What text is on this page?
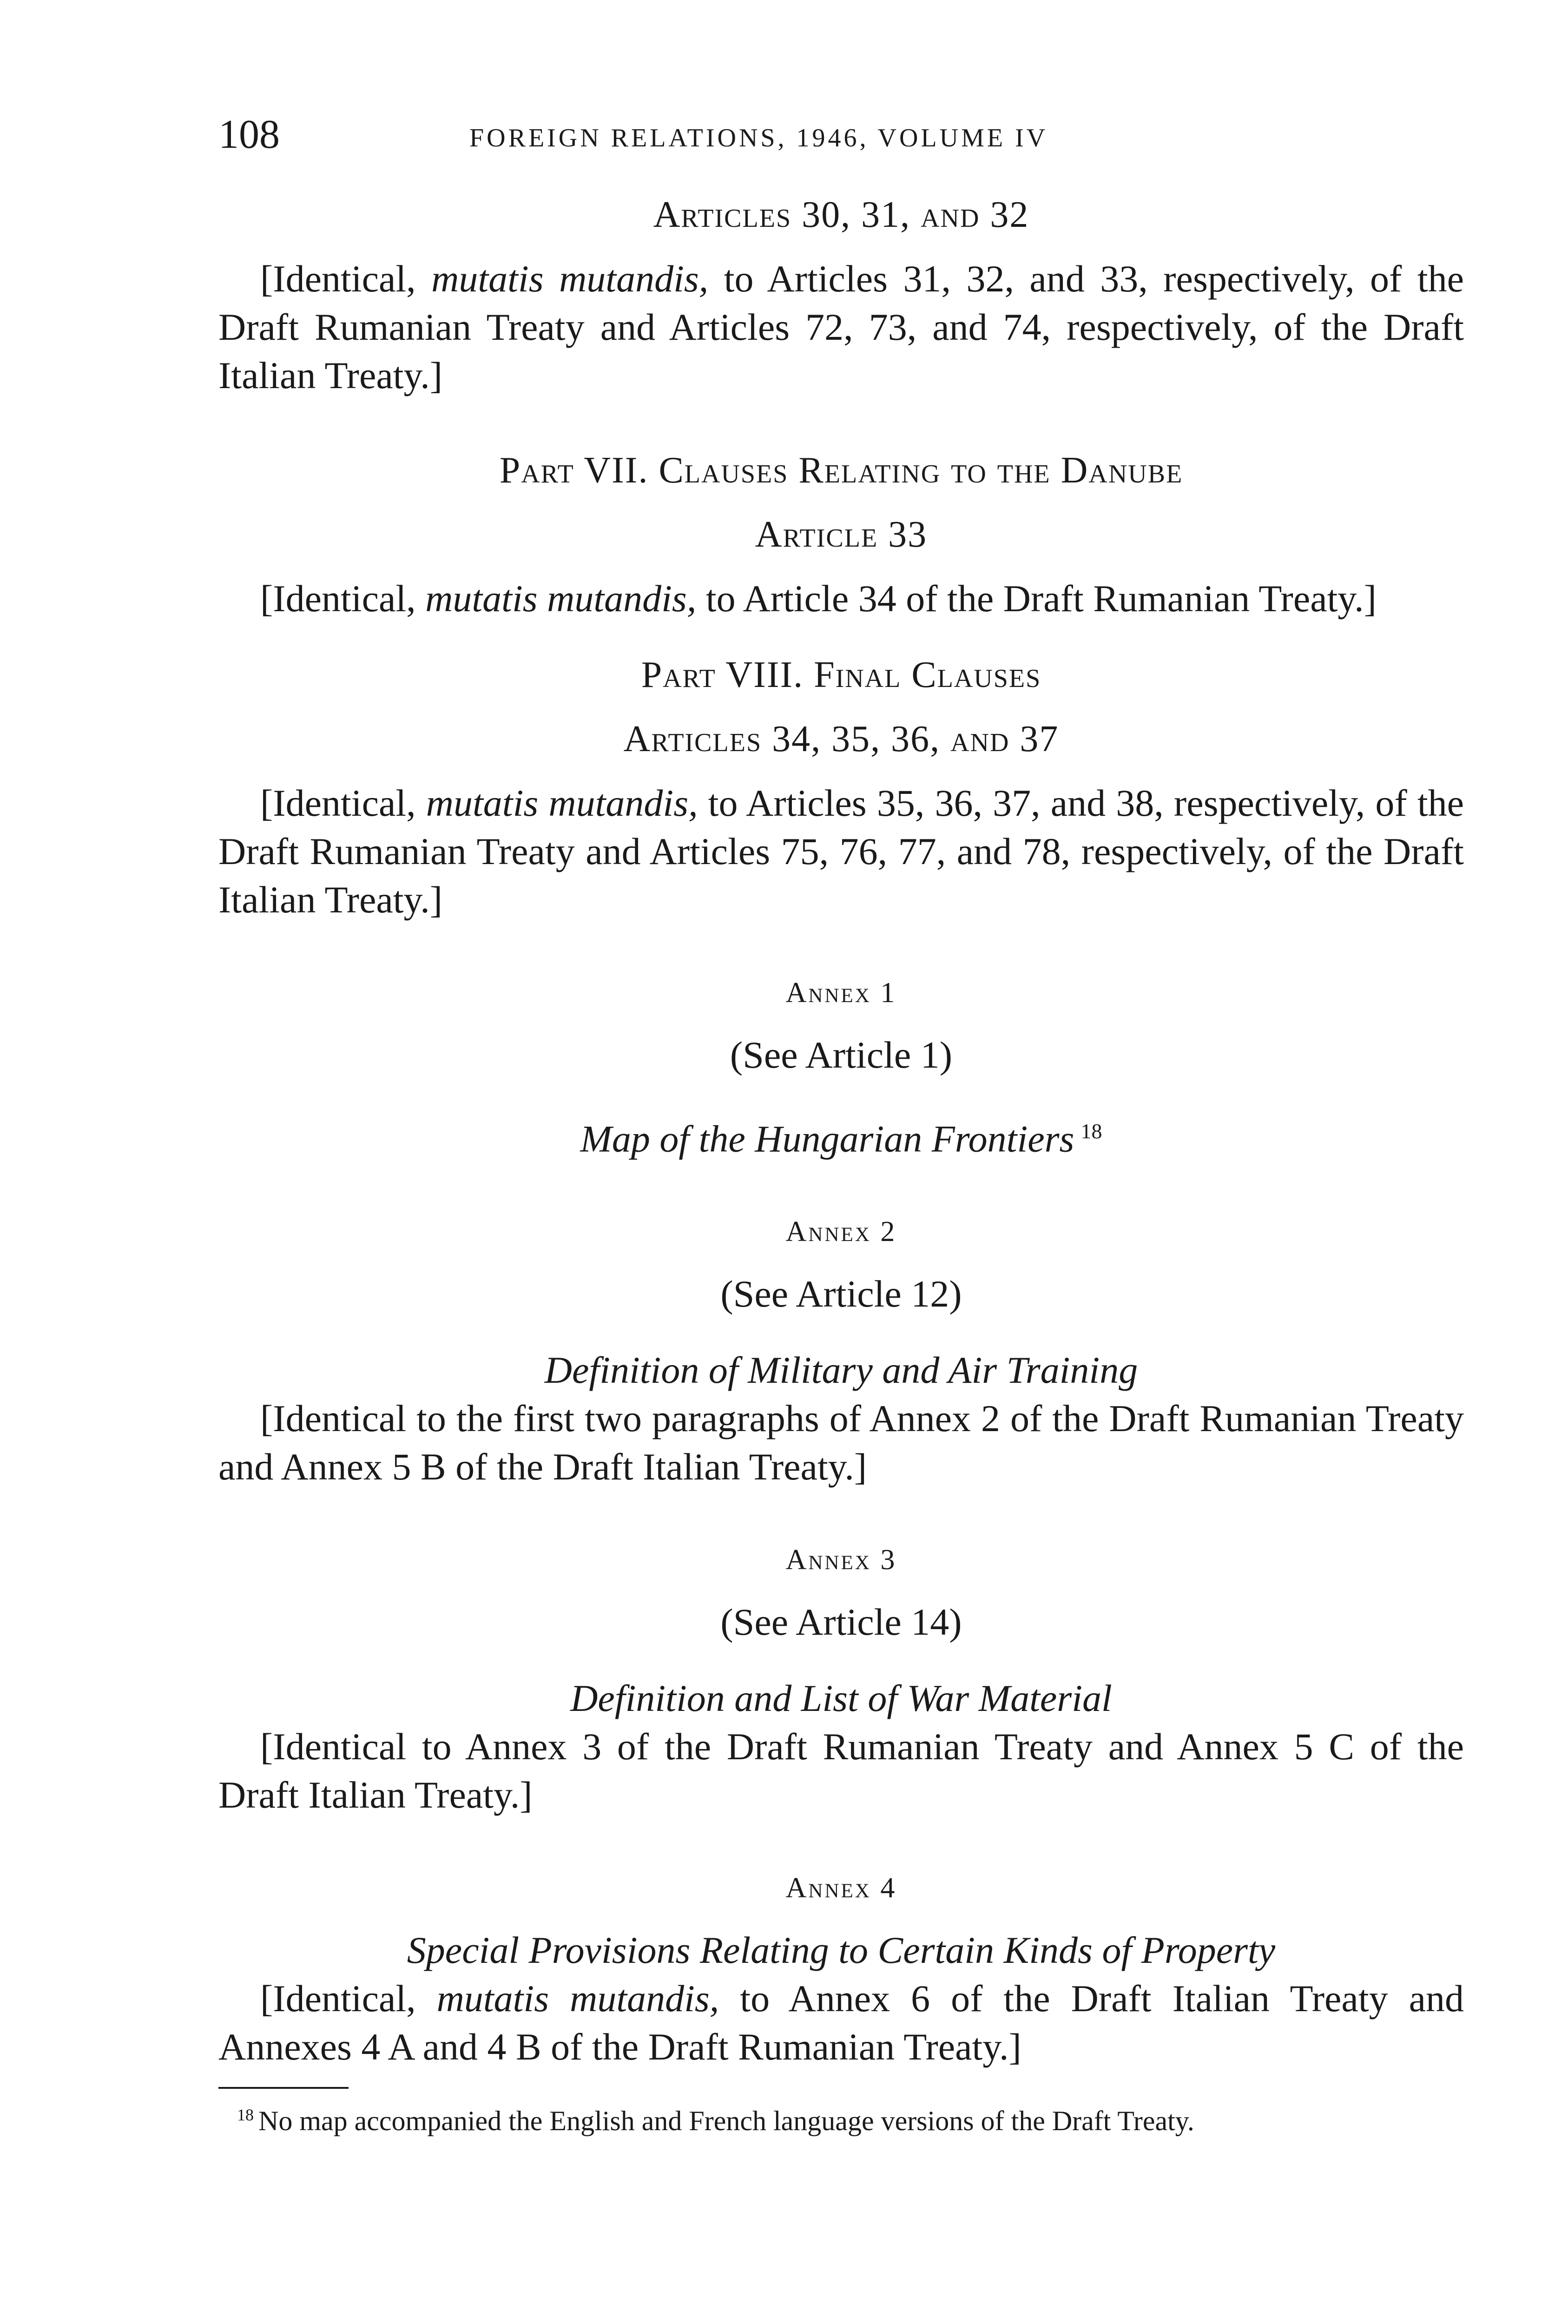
108	FOREIGN RELATIONS, 1946, VOLUME IV

Articles 30, 31, and 32

[Identical, mutatis mutandis, to Articles 31, 32, and 33, respectively, of the Draft Rumanian Treaty and Articles 72, 73, and 74, respectively, of the Draft Italian Treaty.]

Part VII. Clauses Relating to the Danube

Article 33

[Identical, mutatis mutandis, to Article 34 of the Draft Rumanian Treaty.]

Part VIII. Final Clauses

Articles 34, 35, 36, and 37

[Identical, mutatis mutandis, to Articles 35, 36, 37, and 38, respectively, of the Draft Rumanian Treaty and Articles 75, 76, 77, and 78, respectively, of the Draft Italian Treaty.]

Annex 1

(See Article 1)

Map of the Hungarian Frontiers $^{18}$

Annex 2

(See Article 12)

Definition of Military and Air Training

[Identical to the first two paragraphs of Annex 2 of the Draft Rumanian Treaty and Annex 5 B of the Draft Italian Treaty.]

Annex 3

(See Article 14)

Definition and List of War Material

[Identical to Annex 3 of the Draft Rumanian Treaty and Annex 5 C of the Draft Italian Treaty.]

Annex 4

Special Provisions Relating to Certain Kinds of Property

[Identical, mutatis mutandis, to Annex 6 of the Draft Italian Treaty and Annexes 4 A and 4 B of the Draft Rumanian Treaty.]

$^{18}$ No map accompanied the English and French language versions of the Draft Treaty.
